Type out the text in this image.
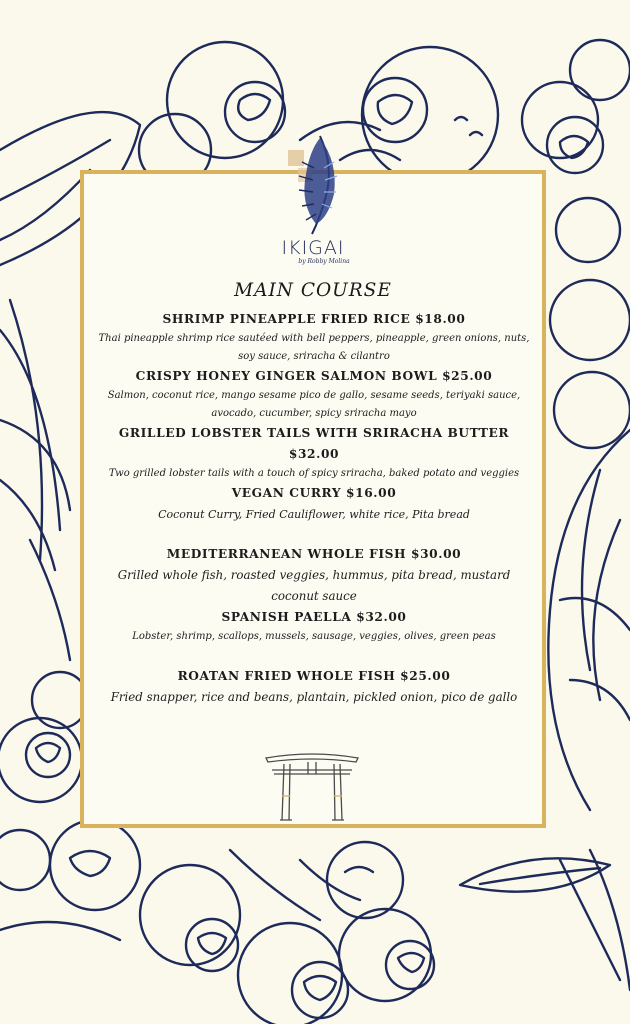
IKIGAI
by Robby Molina
MAIN COURSE
SHRIMP PINEAPPLE FRIED RICE $18.00
Thai pineapple shrimp rice sautéed with bell peppers, pineapple, green onions, nuts, soy sauce, sriracha & cilantro
CRISPY HONEY GINGER SALMON BOWL $25.00
Salmon, coconut rice, mango sesame pico de gallo, sesame seeds, teriyaki sauce, avocado, cucumber, spicy sriracha mayo
GRILLED LOBSTER TAILS WITH SRIRACHA BUTTER $32.00
Two grilled lobster tails with a touch of spicy sriracha, baked potato and veggies
VEGAN CURRY $16.00
Coconut Curry, Fried Cauliflower, white rice, Pita bread
MEDITERRANEAN WHOLE FISH $30.00
Grilled whole fish, roasted veggies, hummus, pita bread, mustard coconut sauce
SPANISH PAELLA $32.00
Lobster, shrimp, scallops, mussels, sausage, veggies, olives, green peas
ROATAN FRIED WHOLE FISH $25.00
Fried snapper, rice and beans, plantain, pickled onion, pico de gallo
